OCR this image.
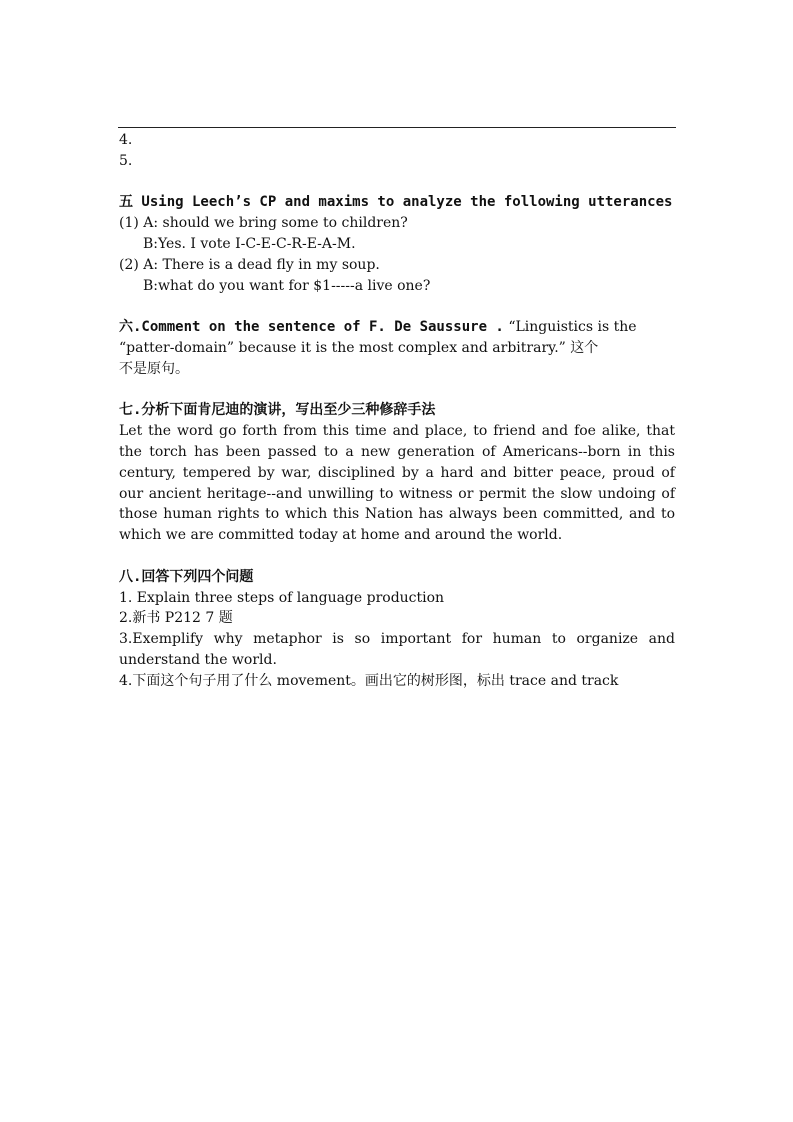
4.

5.

五 Using Leech’s CP and maxims to analyze the following utterances

(1) A: should we bring some to children?

B:Yes. I vote I-C-E-C-R-E-A-M.

(2) A: There is a dead fly in my soup.

B:what do you want for $1-----a live one?

六.Comment on the sentence of F. De Saussure . “Linguistics is the

“patter-domain” because it is the most complex and arbitrary.” 这个

不是原句。

七.分析下面肯尼迪的演讲，写出至少三种修辞手法

Let the word go forth from this time and place, to friend and foe alike, that the torch has been passed to a new generation of Americans--born in this century, tempered by war, disciplined by a hard and bitter peace, proud of our ancient heritage--and unwilling to witness or permit the slow undoing of those human rights to which this Nation has always been committed, and to which we are committed today at home and around the world.

八.回答下列四个问题

1. Explain three steps of language production

2.新书 P212 7 题

3.Exemplify why metaphor is so important for human to organize and understand the world.

4.下面这个句子用了什么 movement。画出它的树形图，标出 trace and track
